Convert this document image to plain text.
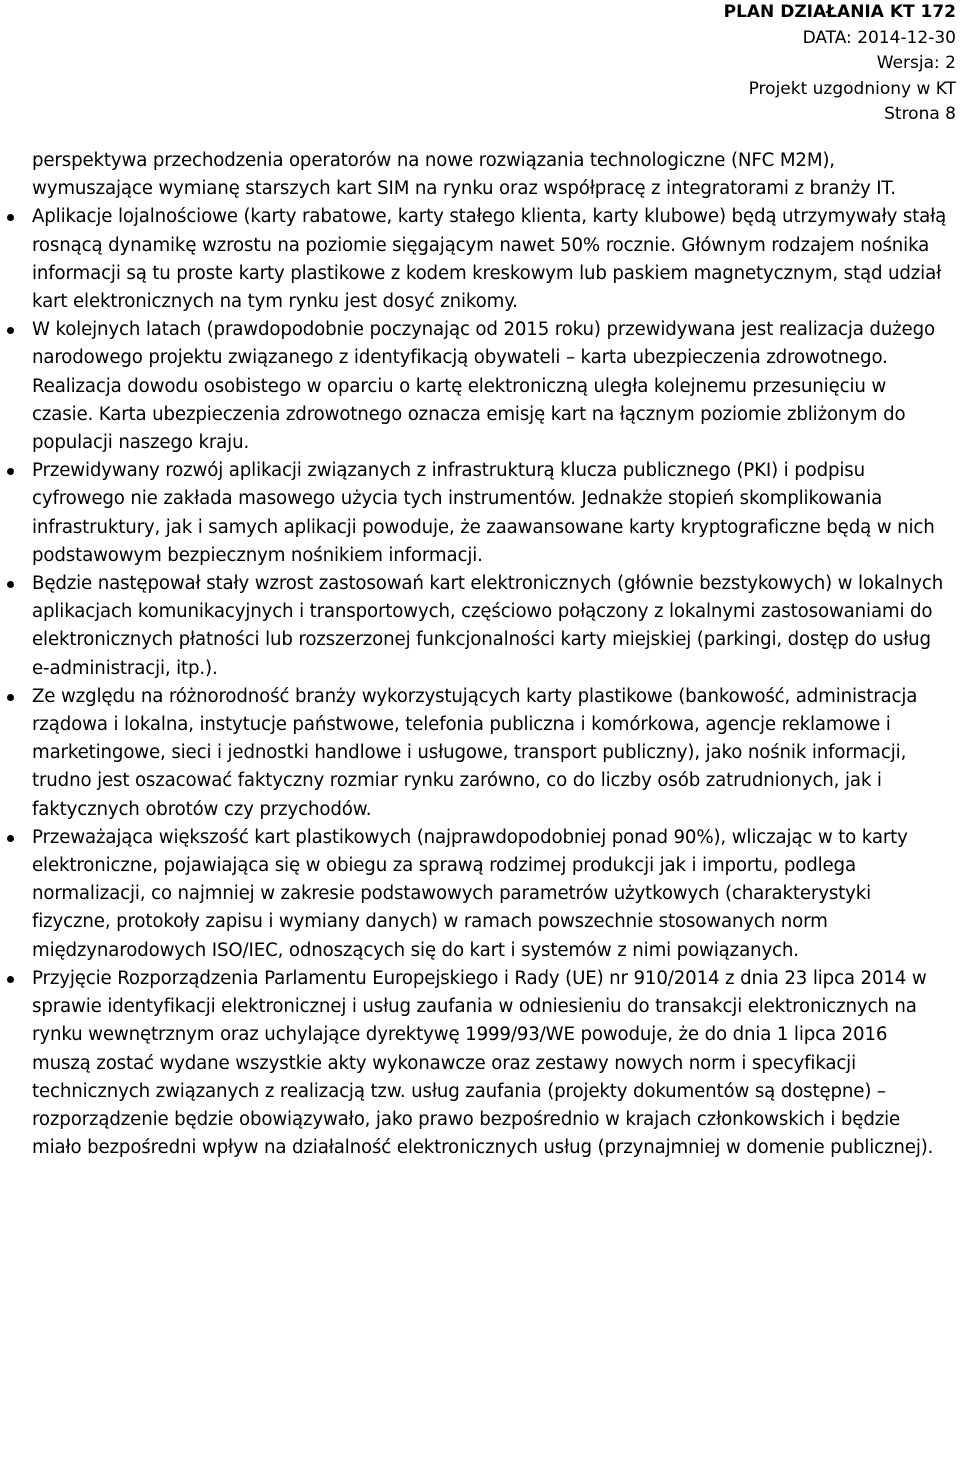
PLAN DZIAŁANIA KT 172
DATA: 2014-12-30
Wersja: 2
Projekt uzgodniony w KT
Strona 8

perspektywa przechodzenia operatorów na nowe rozwiązania technologiczne (NFC M2M), wymuszające wymianę starszych kart SIM na rynku oraz współpracę z integratorami z branży IT.

Aplikacje lojalnościowe (karty rabatowe, karty stałego klienta, karty klubowe) będą utrzymywały stałą rosnącą dynamikę wzrostu na poziomie sięgającym nawet 50% rocznie. Głównym rodzajem nośnika informacji są tu proste karty plastikowe z kodem kreskowym lub paskiem magnetycznym, stąd udział kart elektronicznych na tym rynku jest dosyć znikomy.
W kolejnych latach (prawdopodobnie poczynając od 2015 roku) przewidywana jest realizacja dużego narodowego projektu związanego z identyfikacją obywateli – karta ubezpieczenia zdrowotnego. Realizacja dowodu osobistego w oparciu o kartę elektroniczną uległa kolejnemu przesunięciu w czasie. Karta ubezpieczenia zdrowotnego oznacza emisję kart na łącznym poziomie zbliżonym do populacji naszego kraju.
Przewidywany rozwój aplikacji związanych z infrastrukturą klucza publicznego (PKI) i podpisu cyfrowego nie zakłada masowego użycia tych instrumentów. Jednakże stopień skomplikowania infrastruktury, jak i samych aplikacji powoduje, że zaawansowane karty kryptograficzne będą w nich podstawowym bezpiecznym nośnikiem informacji.
Będzie następował stały wzrost zastosowań kart elektronicznych (głównie bezstykowych) w lokalnych aplikacjach komunikacyjnych i transportowych, częściowo połączony z lokalnymi zastosowaniami do elektronicznych płatności lub rozszerzonej funkcjonalności karty miejskiej (parkingi, dostęp do usług e-administracji, itp.).
Ze względu na różnorodność branży wykorzystujących karty plastikowe (bankowość, administracja rządowa i lokalna, instytucje państwowe, telefonia publiczna i komórkowa, agencje reklamowe i marketingowe, sieci i jednostki handlowe i usługowe, transport publiczny), jako nośnik informacji, trudno jest oszacować faktyczny rozmiar rynku zarówno, co do liczby osób zatrudnionych, jak i faktycznych obrotów czy przychodów.
Przeważająca większość kart plastikowych (najprawdopodobniej ponad 90%), wliczając w to karty elektroniczne, pojawiająca się w obiegu za sprawą rodzimej produkcji jak i importu, podlega normalizacji, co najmniej w zakresie podstawowych parametrów użytkowych (charakterystyki fizyczne, protokoły zapisu i wymiany danych) w ramach powszechnie stosowanych norm międzynarodowych ISO/IEC, odnoszących się do kart i systemów z nimi powiązanych.
Przyjęcie Rozporządzenia Parlamentu Europejskiego i Rady (UE) nr 910/2014 z dnia 23 lipca 2014 w sprawie identyfikacji elektronicznej i usług zaufania w odniesieniu do transakcji elektronicznych na rynku wewnętrznym oraz uchylające dyrektywę 1999/93/WE powoduje, że do dnia 1 lipca 2016 muszą zostać wydane wszystkie akty wykonawcze oraz zestawy nowych norm i specyfikacji technicznych związanych z realizacją tzw. usług zaufania (projekty dokumentów są dostępne) – rozporządzenie będzie obowiązywało, jako prawo bezpośrednio w krajach członkowskich i będzie miało bezpośredni wpływ na działalność elektronicznych usług (przynajmniej w domenie publicznej).
